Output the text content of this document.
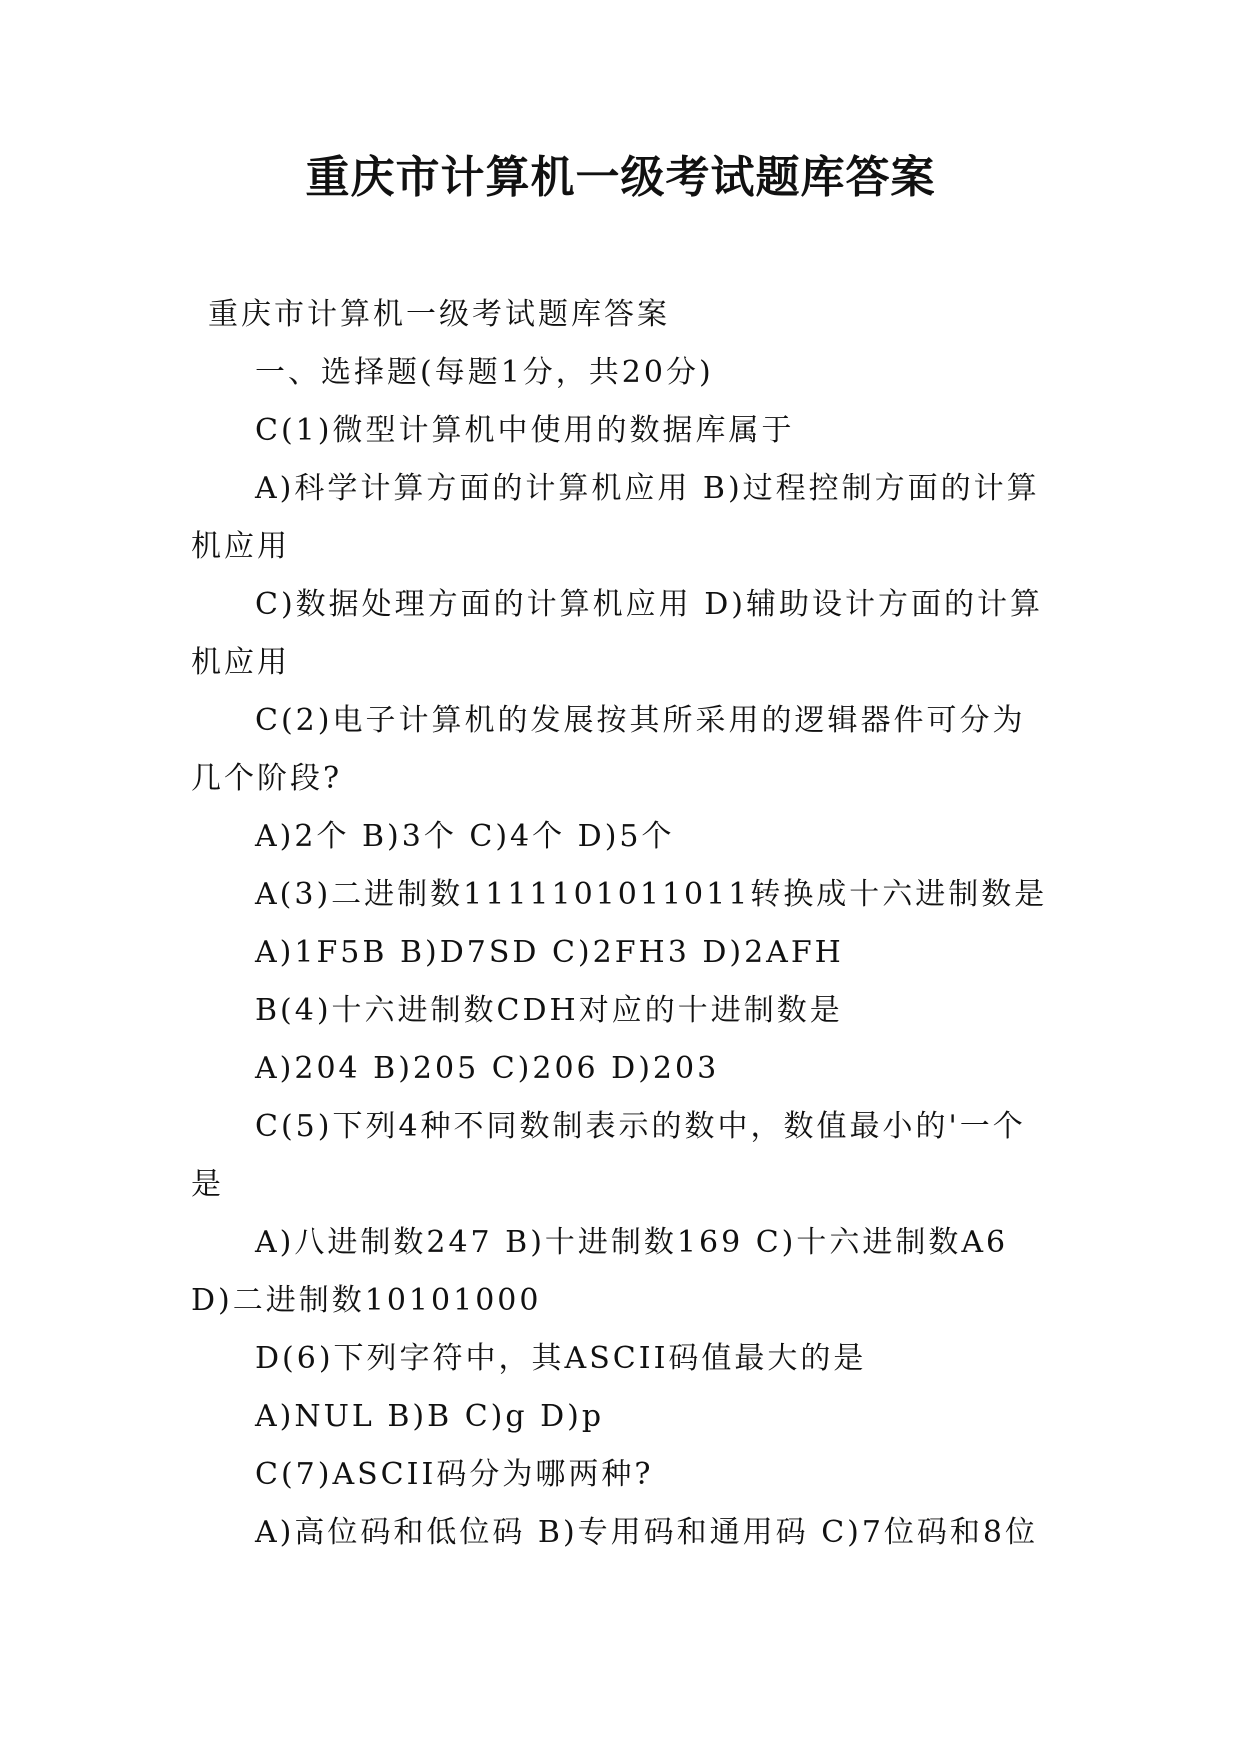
重庆市计算机一级考试题库答案

重庆市计算机一级考试题库答案

一、选择题(每题1分，共20分)

C(1)微型计算机中使用的数据库属于

A)科学计算方面的计算机应用 B)过程控制方面的计算机应用

C)数据处理方面的计算机应用 D)辅助设计方面的计算机应用

C(2)电子计算机的发展按其所采用的逻辑器件可分为几个阶段?

A)2个 B)3个 C)4个 D)5个

A(3)二进制数1111101011011转换成十六进制数是

A)1F5B B)D7SD C)2FH3 D)2AFH

B(4)十六进制数CDH对应的十进制数是

A)204 B)205 C)206 D)203

C(5)下列4种不同数制表示的数中，数值最小的'一个是

A)八进制数247 B)十进制数169 C)十六进制数A6 D)二进制数10101000

D(6)下列字符中，其ASCII码值最大的是

A)NUL B)B C)g D)p

C(7)ASCII码分为哪两种?

A)高位码和低位码 B)专用码和通用码 C)7位码和8位
